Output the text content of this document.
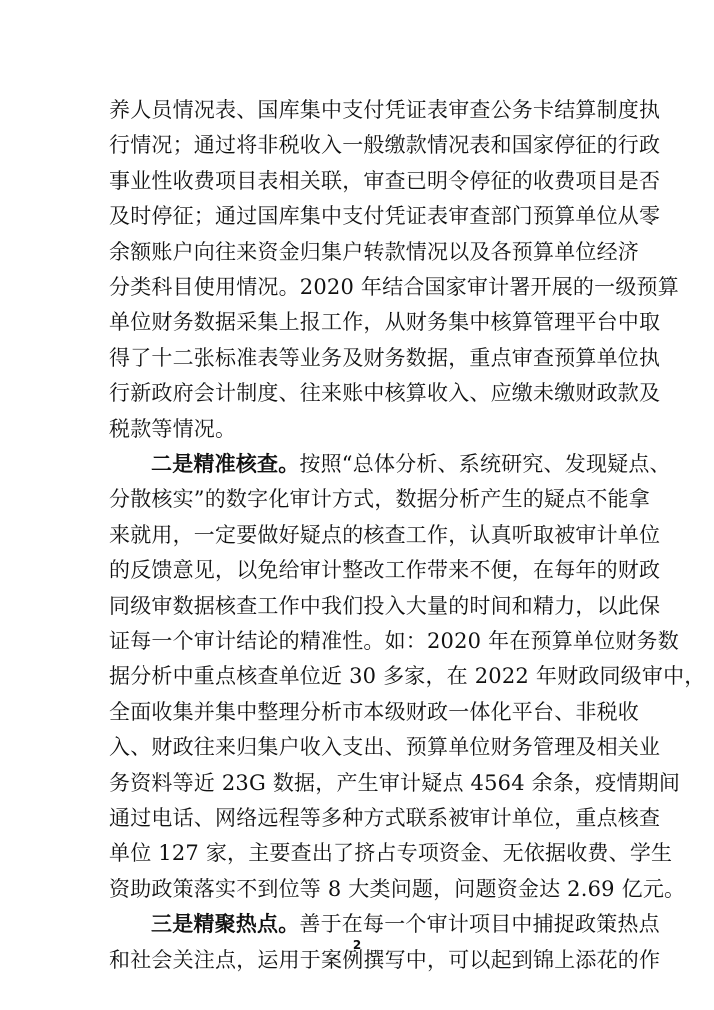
养人员情况表、国库集中支付凭证表审查公务卡结算制度执
行情况；通过将非税收入一般缴款情况表和国家停征的行政
事业性收费项目表相关联，审查已明令停征的收费项目是否
及时停征；通过国库集中支付凭证表审查部门预算单位从零
余额账户向往来资金归集户转款情况以及各预算单位经济
分类科目使用情况。2020 年结合国家审计署开展的一级预算
单位财务数据采集上报工作，从财务集中核算管理平台中取
得了十二张标准表等业务及财务数据，重点审查预算单位执
行新政府会计制度、往来账中核算收入、应缴未缴财政款及
税款等情况。
二是精准核查。按照“总体分析、系统研究、发现疑点、
分散核实”的数字化审计方式，数据分析产生的疑点不能拿
来就用，一定要做好疑点的核查工作，认真听取被审计单位
的反馈意见，以免给审计整改工作带来不便，在每年的财政
同级审数据核查工作中我们投入大量的时间和精力，以此保
证每一个审计结论的精准性。如：2020 年在预算单位财务数
据分析中重点核查单位近 30 多家，在 2022 年财政同级审中，
全面收集并集中整理分析市本级财政一体化平台、非税收
入、财政往来归集户收入支出、预算单位财务管理及相关业
务资料等近 23G 数据，产生审计疑点 4564 余条，疫情期间
通过电话、网络远程等多种方式联系被审计单位，重点核查
单位 127 家，主要查出了挤占专项资金、无依据收费、学生
资助政策落实不到位等 8 大类问题，问题资金达 2.69 亿元。
三是精聚热点。善于在每一个审计项目中捕捉政策热点
和社会关注点，运用于案例撰写中，可以起到锦上添花的作
2
